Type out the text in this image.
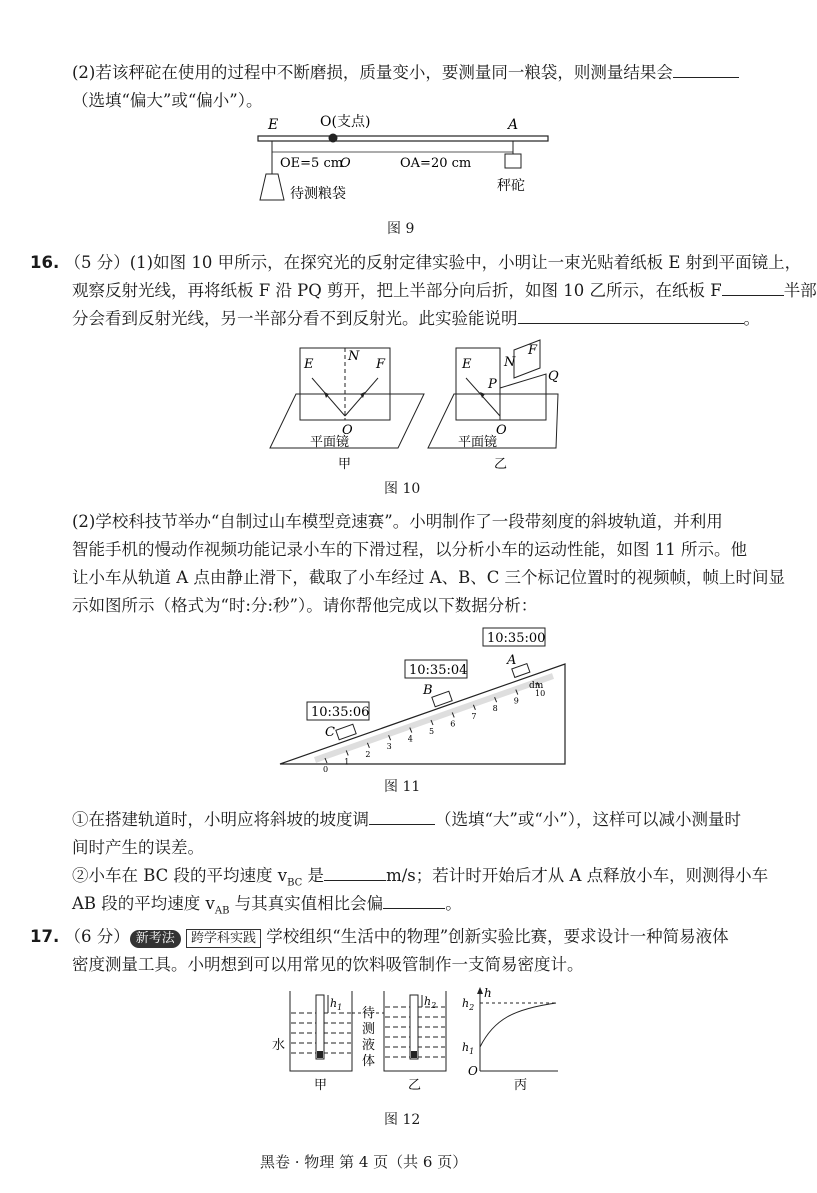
(2)若该秤砣在使用的过程中不断磨损，质量变小，要测量同一粮袋，则测量结果会
（选填“偏大”或“偏小”）。
E	O(支点)	A
OE=5 cm
O	OA=20 cm
待测粮袋	秤砣
图 9
16. （5 分）(1)如图 10 甲所示，在探究光的反射定律实验中，小明让一束光贴着纸板 E 射到平面镜上，
观察反射光线，再将纸板 F 沿 PQ 剪开，把上半部分向后折，如图 10 乙所示，在纸板 F	半部
分会看到反射光线，另一半部分看不到反射光。此实验能说明	。
E
N
F
O
平面镜
甲
E	N
F
P
Q
O
平面镜
乙
图 10
(2)学校科技节举办“自制过山车模型竞速赛”。小明制作了一段带刻度的斜坡轨道，并利用
智能手机的慢动作视频功能记录小车的下滑过程，以分析小车的运动性能，如图 11 所示。他
让小车从轨道 A 点由静止滑下，截取了小车经过 A、B、C 三个标记位置时的视频帧，帧上时间显
示如图所示（格式为“时:分:秒”）。请你帮他完成以下数据分析：
0
1
2
3
4
5
6
7
8
9
10
dm
A
B
C
10:35:00
10:35:04
10:35:06
图 11
①在搭建轨道时，小明应将斜坡的坡度调	（选填“大”或“小”），这样可以减小测量时
间时产生的误差。
②小车在 BC 段的平均速度 $v_{BC}$ 是	m/s；若计时开始后才从 A 点释放小车，则测得小车
AB 段的平均速度 $v_{AB}$ 与其真实值相比会偏	。
17. （6 分） 新考法 跨学科实践 学校组织“生活中的物理”创新实验比赛，要求设计一种简易液体
密度测量工具。小明想到可以用常见的饮料吸管制作一支简易密度计。
$h_1$
水
甲
待
测
液
体
$h_2$
乙
h
$h_2$
$h_1$
O
丙
图 12
黑卷 · 物理 第 4 页（共 6 页）
